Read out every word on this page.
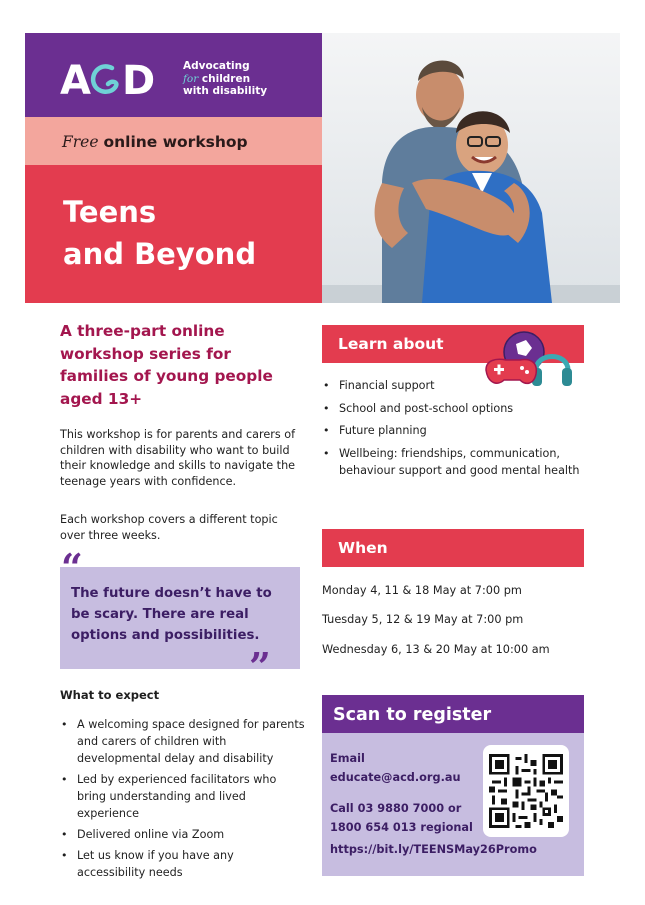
A D	Advocating
for children
with disability
Free online workshop
Teens
and Beyond
A three-part online workshop series for families of young people aged 13+
This workshop is for parents and carers of children with disability who want to build their knowledge and skills to navigate the teenage years with confidence.
Each workshop covers a different topic over three weeks.
“
The future doesn’t have to be scary. There are real options and possibilities.
”
What to expect
• A welcoming space designed for parents and carers of children with developmental delay and disability
• Led by experienced facilitators who bring understanding and lived experience
• Delivered online via Zoom
• Let us know if you have any accessibility needs
Learn about
• Financial support
• School and post-school options
• Future planning
• Wellbeing: friendships, communication, behaviour support and good mental health
When
Monday 4, 11 & 18 May at 7:00 pm
Tuesday 5, 12 & 19 May at 7:00 pm
Wednesday 6, 13 & 20 May at 10:00 am
Scan to register
Email
educate@acd.org.au
Call 03 9880 7000 or
1800 654 013 regional
https://bit.ly/TEENSMay26Promo
